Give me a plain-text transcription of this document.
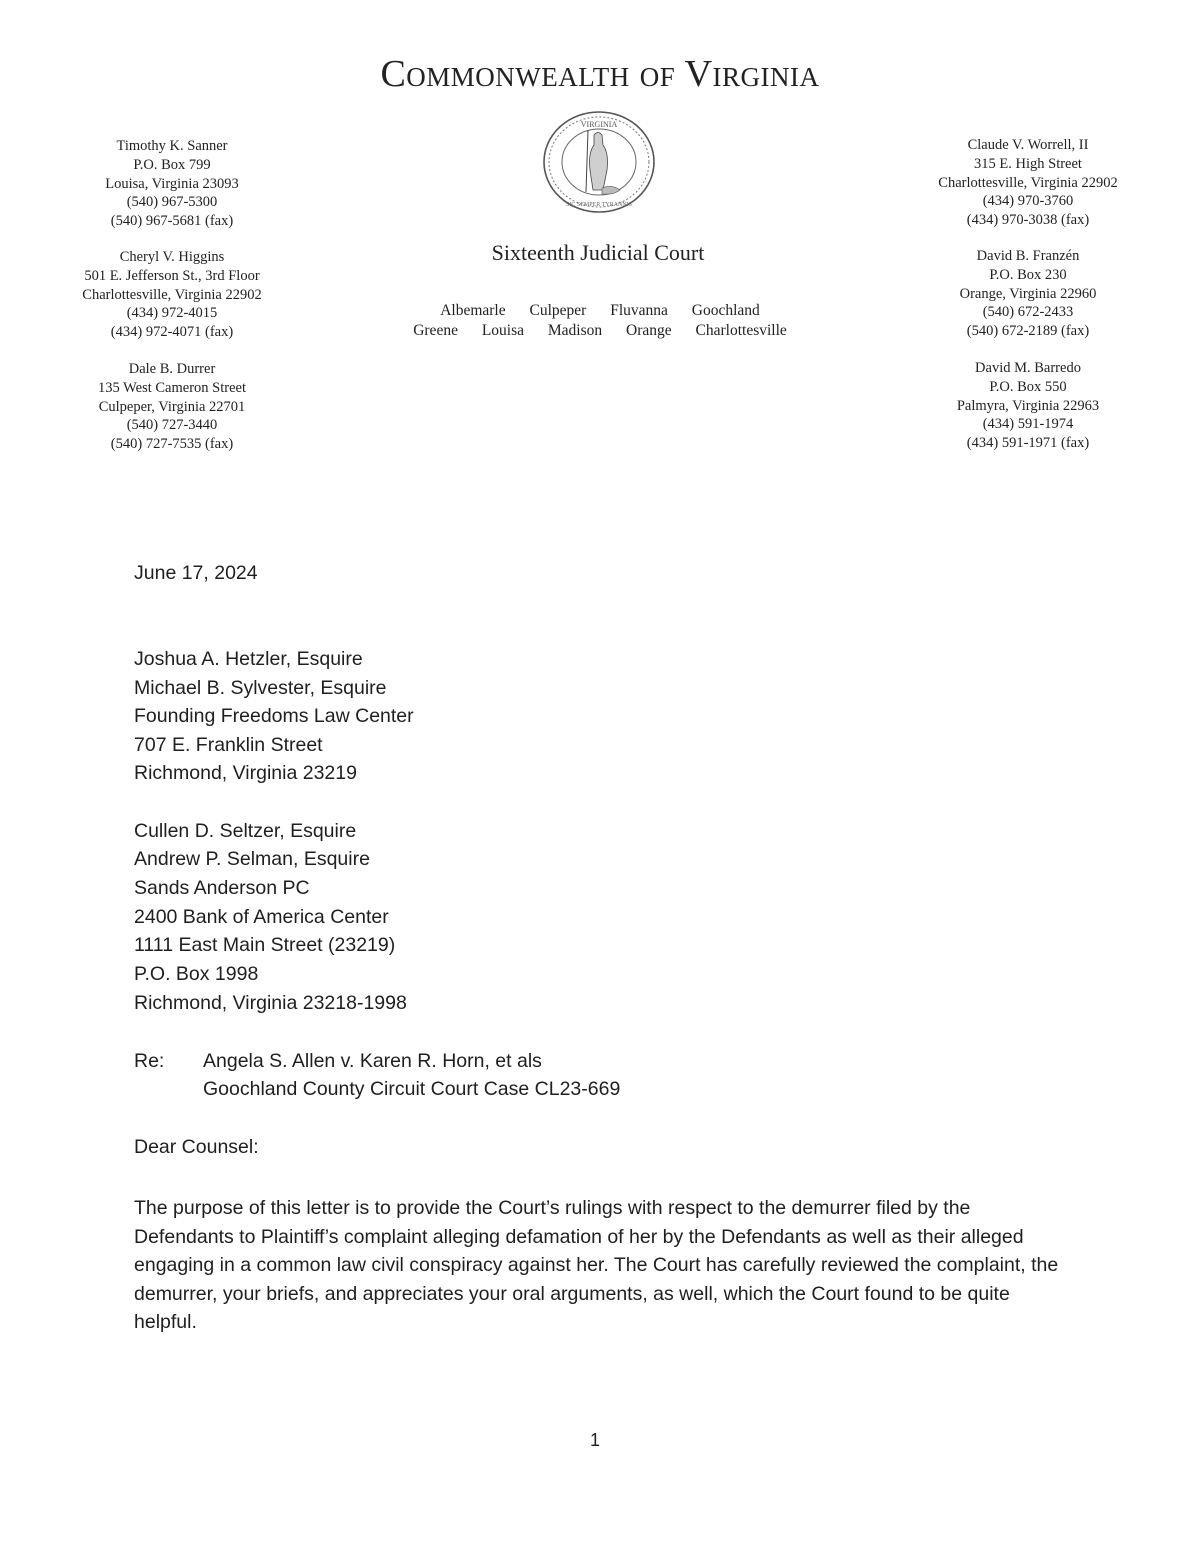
Commonwealth of Virginia
Timothy K. Sanner
P.O. Box 799
Louisa, Virginia 23093
(540) 967-5300
(540) 967-5681 (fax)
Cheryl V. Higgins
501 E. Jefferson St., 3rd Floor
Charlottesville, Virginia 22902
(434) 972-4015
(434) 972-4071 (fax)
Dale B. Durrer
135 West Cameron Street
Culpeper, Virginia 22701
(540) 727-3440
(540) 727-7535 (fax)
VIRGINIA
SIC SEMPER TYRANNIS
Sixteenth Judicial Court
Albemarle Culpeper Fluvanna Goochland
Greene Louisa Madison Orange Charlottesville
Claude V. Worrell, II
315 E. High Street
Charlottesville, Virginia 22902
(434) 970-3760
(434) 970-3038 (fax)
David B. Franzén
P.O. Box 230
Orange, Virginia 22960
(540) 672-2433
(540) 672-2189 (fax)
David M. Barredo
P.O. Box 550
Palmyra, Virginia 22963
(434) 591-1974
(434) 591-1971 (fax)
June 17, 2024
Joshua A. Hetzler, Esquire
Michael B. Sylvester, Esquire
Founding Freedoms Law Center
707 E. Franklin Street
Richmond, Virginia 23219
Cullen D. Seltzer, Esquire
Andrew P. Selman, Esquire
Sands Anderson PC
2400 Bank of America Center
1111 East Main Street (23219)
P.O. Box 1998
Richmond, Virginia 23218-1998
Re: Angela S. Allen v. Karen R. Horn, et als
Goochland County Circuit Court Case CL23-669
Dear Counsel:

The purpose of this letter is to provide the Court’s rulings with respect to the demurrer filed by the Defendants to Plaintiff’s complaint alleging defamation of her by the Defendants as well as their alleged engaging in a common law civil conspiracy against her. The Court has carefully reviewed the complaint, the demurrer, your briefs, and appreciates your oral arguments, as well, which the Court found to be quite helpful.

1
